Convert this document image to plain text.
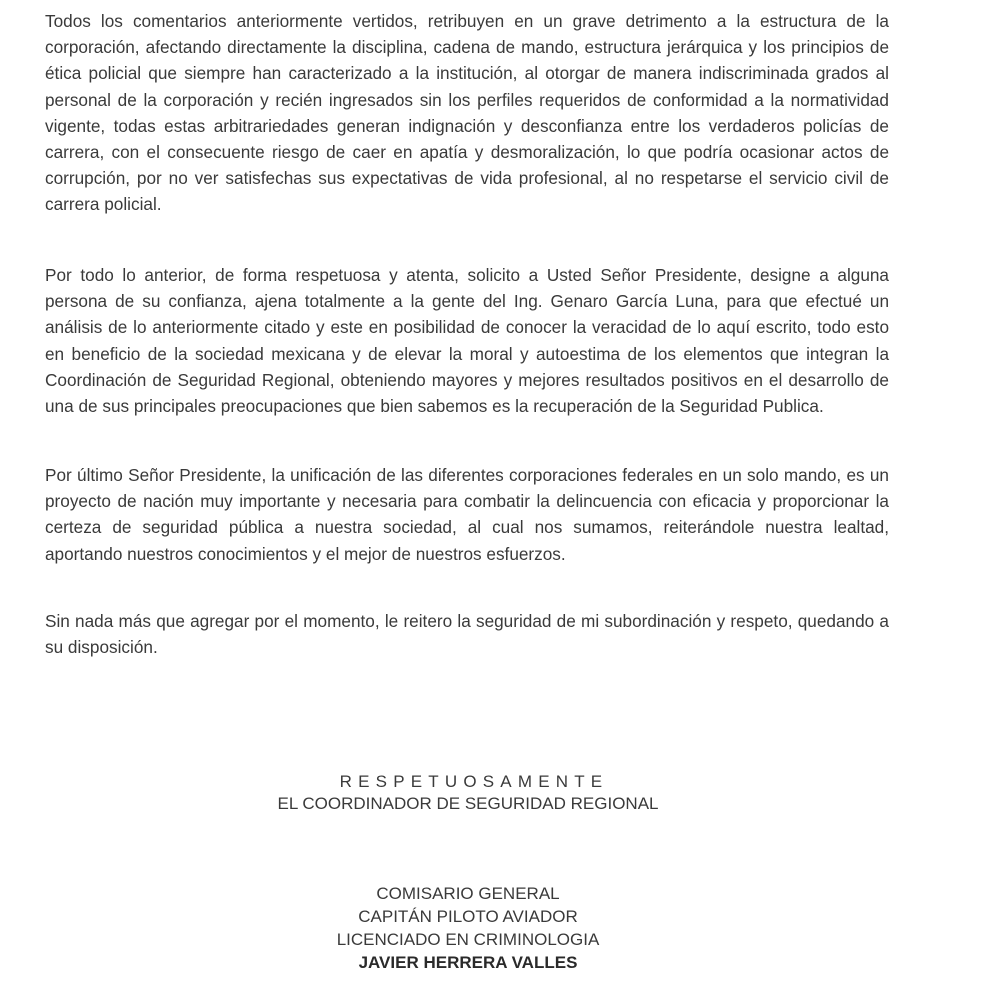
Todos los comentarios anteriormente vertidos, retribuyen en un grave detrimento a la estructura de la corporación, afectando directamente la disciplina, cadena de mando, estructura jerárquica y los principios de ética policial que siempre han caracterizado a la institución, al otorgar de manera indiscriminada grados al personal de la corporación y recién ingresados sin los perfiles requeridos de conformidad a la normatividad vigente, todas estas arbitrariedades generan indignación y desconfianza entre los verdaderos policías de carrera, con el consecuente riesgo de caer en apatía y desmoralización, lo que podría ocasionar actos de corrupción, por no ver satisfechas sus expectativas de vida profesional, al no respetarse el servicio civil de carrera policial.

Por todo lo anterior, de forma respetuosa y atenta, solicito a Usted Señor Presidente, designe a alguna persona de su confianza, ajena totalmente a la gente del Ing. Genaro García Luna, para que efectué un análisis de lo anteriormente citado y este en posibilidad de conocer la veracidad de lo aquí escrito, todo esto en beneficio de la sociedad mexicana y de elevar la moral y autoestima de los elementos que integran la Coordinación de Seguridad Regional, obteniendo mayores y mejores resultados positivos en el desarrollo de una de sus principales preocupaciones que bien sabemos es la recuperación de la Seguridad Publica.

Por último Señor Presidente, la unificación de las diferentes corporaciones federales en un solo mando, es un proyecto de nación muy importante y necesaria para combatir la delincuencia con eficacia y proporcionar la certeza de seguridad pública a nuestra sociedad, al cual nos sumamos, reiterándole nuestra lealtad, aportando nuestros conocimientos y el mejor de nuestros esfuerzos.

Sin nada más que agregar por el momento, le reitero la seguridad de mi subordinación y respeto, quedando a su disposición.

RESPETUOSAMENTE

EL COORDINADOR DE SEGURIDAD REGIONAL

COMISARIO GENERAL
CAPITÁN PILOTO AVIADOR
LICENCIADO EN CRIMINOLOGIA
JAVIER HERRERA VALLES
